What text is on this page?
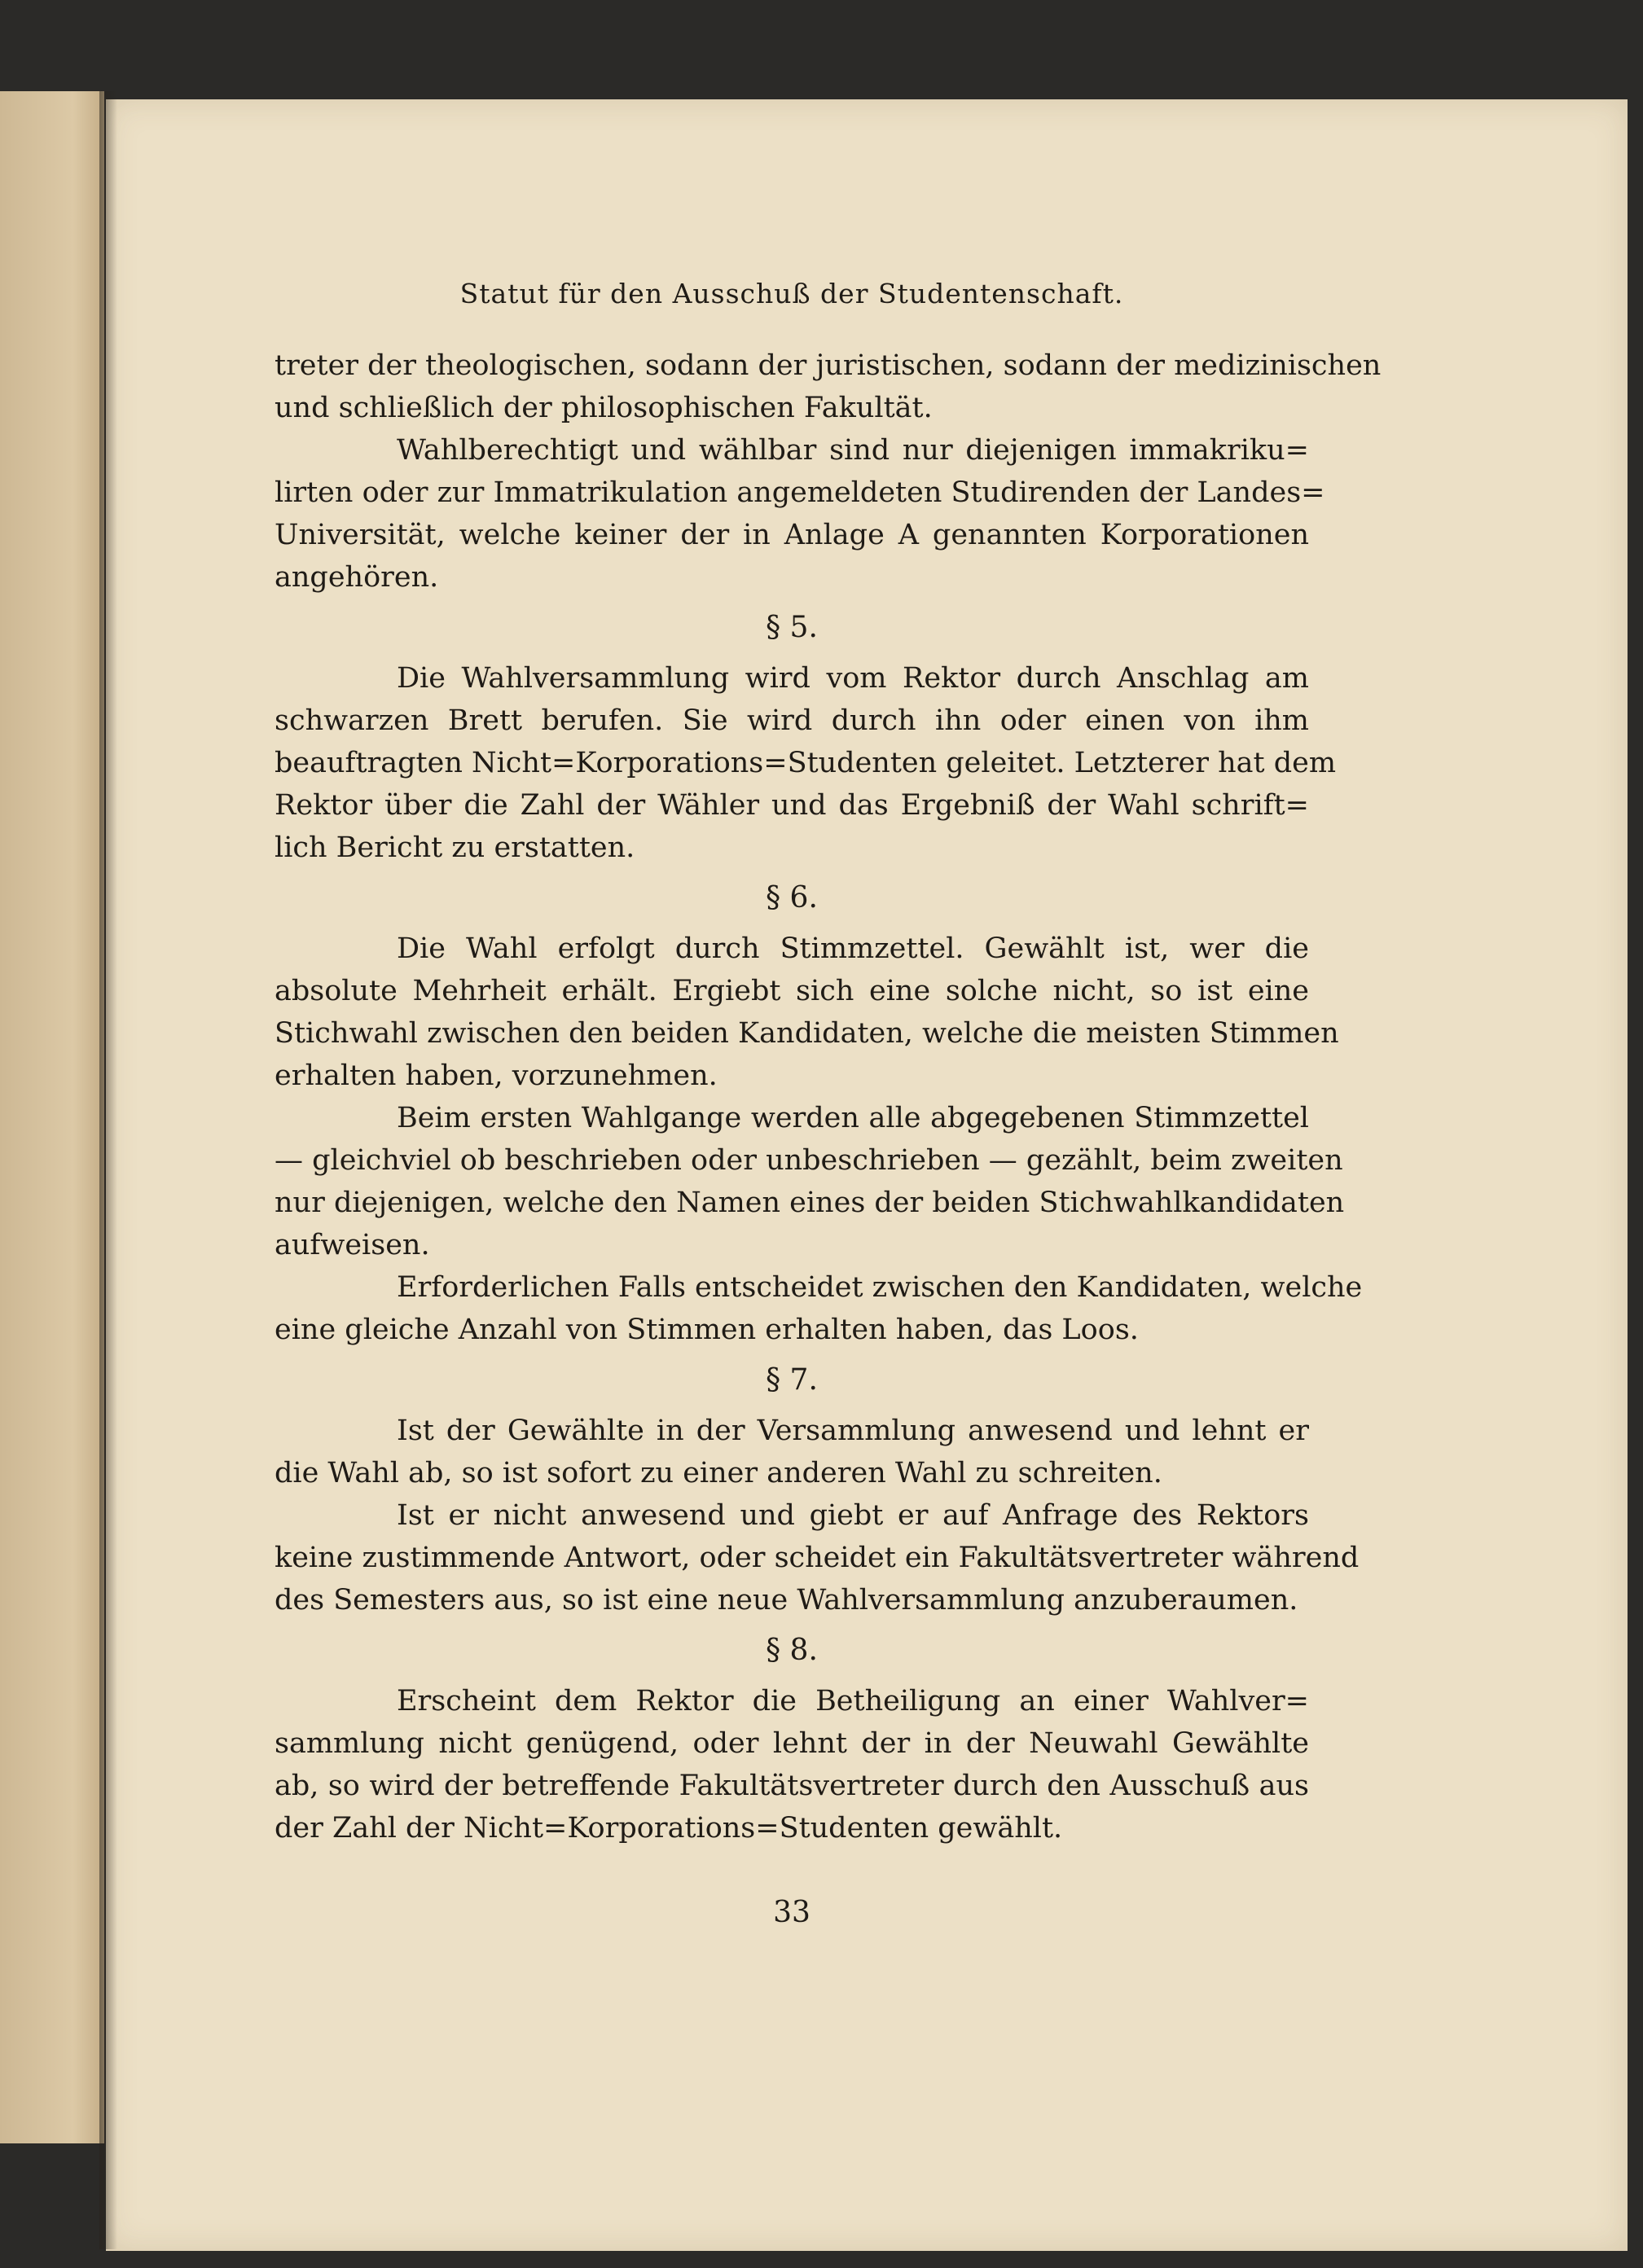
Statut für den Ausschuß der Studentenschaft.
treter der theologischen, sodann der juristischen, sodann der medizinischen
und schließlich der philosophischen Fakultät.
Wahlberechtigt und wählbar sind nur diejenigen immakriku=
lirten oder zur Immatrikulation angemeldeten Studirenden der Landes=
Universität, welche keiner der in Anlage A genannten Korporationen
angehören.
§ 5.
Die Wahlversammlung wird vom Rektor durch Anschlag am
schwarzen Brett berufen. Sie wird durch ihn oder einen von ihm
beauftragten Nicht=Korporations=Studenten geleitet. Letzterer hat dem
Rektor über die Zahl der Wähler und das Ergebniß der Wahl schrift=
lich Bericht zu erstatten.
§ 6.
Die Wahl erfolgt durch Stimmzettel. Gewählt ist, wer die
absolute Mehrheit erhält. Ergiebt sich eine solche nicht, so ist eine
Stichwahl zwischen den beiden Kandidaten, welche die meisten Stimmen
erhalten haben, vorzunehmen.
Beim ersten Wahlgange werden alle abgegebenen Stimmzettel
— gleichviel ob beschrieben oder unbeschrieben — gezählt, beim zweiten
nur diejenigen, welche den Namen eines der beiden Stichwahlkandidaten
aufweisen.
Erforderlichen Falls entscheidet zwischen den Kandidaten, welche
eine gleiche Anzahl von Stimmen erhalten haben, das Loos.
§ 7.
Ist der Gewählte in der Versammlung anwesend und lehnt er
die Wahl ab, so ist sofort zu einer anderen Wahl zu schreiten.
Ist er nicht anwesend und giebt er auf Anfrage des Rektors
keine zustimmende Antwort, oder scheidet ein Fakultätsvertreter während
des Semesters aus, so ist eine neue Wahlversammlung anzuberaumen.
§ 8.
Erscheint dem Rektor die Betheiligung an einer Wahlver=
sammlung nicht genügend, oder lehnt der in der Neuwahl Gewählte
ab, so wird der betreffende Fakultätsvertreter durch den Ausschuß aus
der Zahl der Nicht=Korporations=Studenten gewählt.
33
